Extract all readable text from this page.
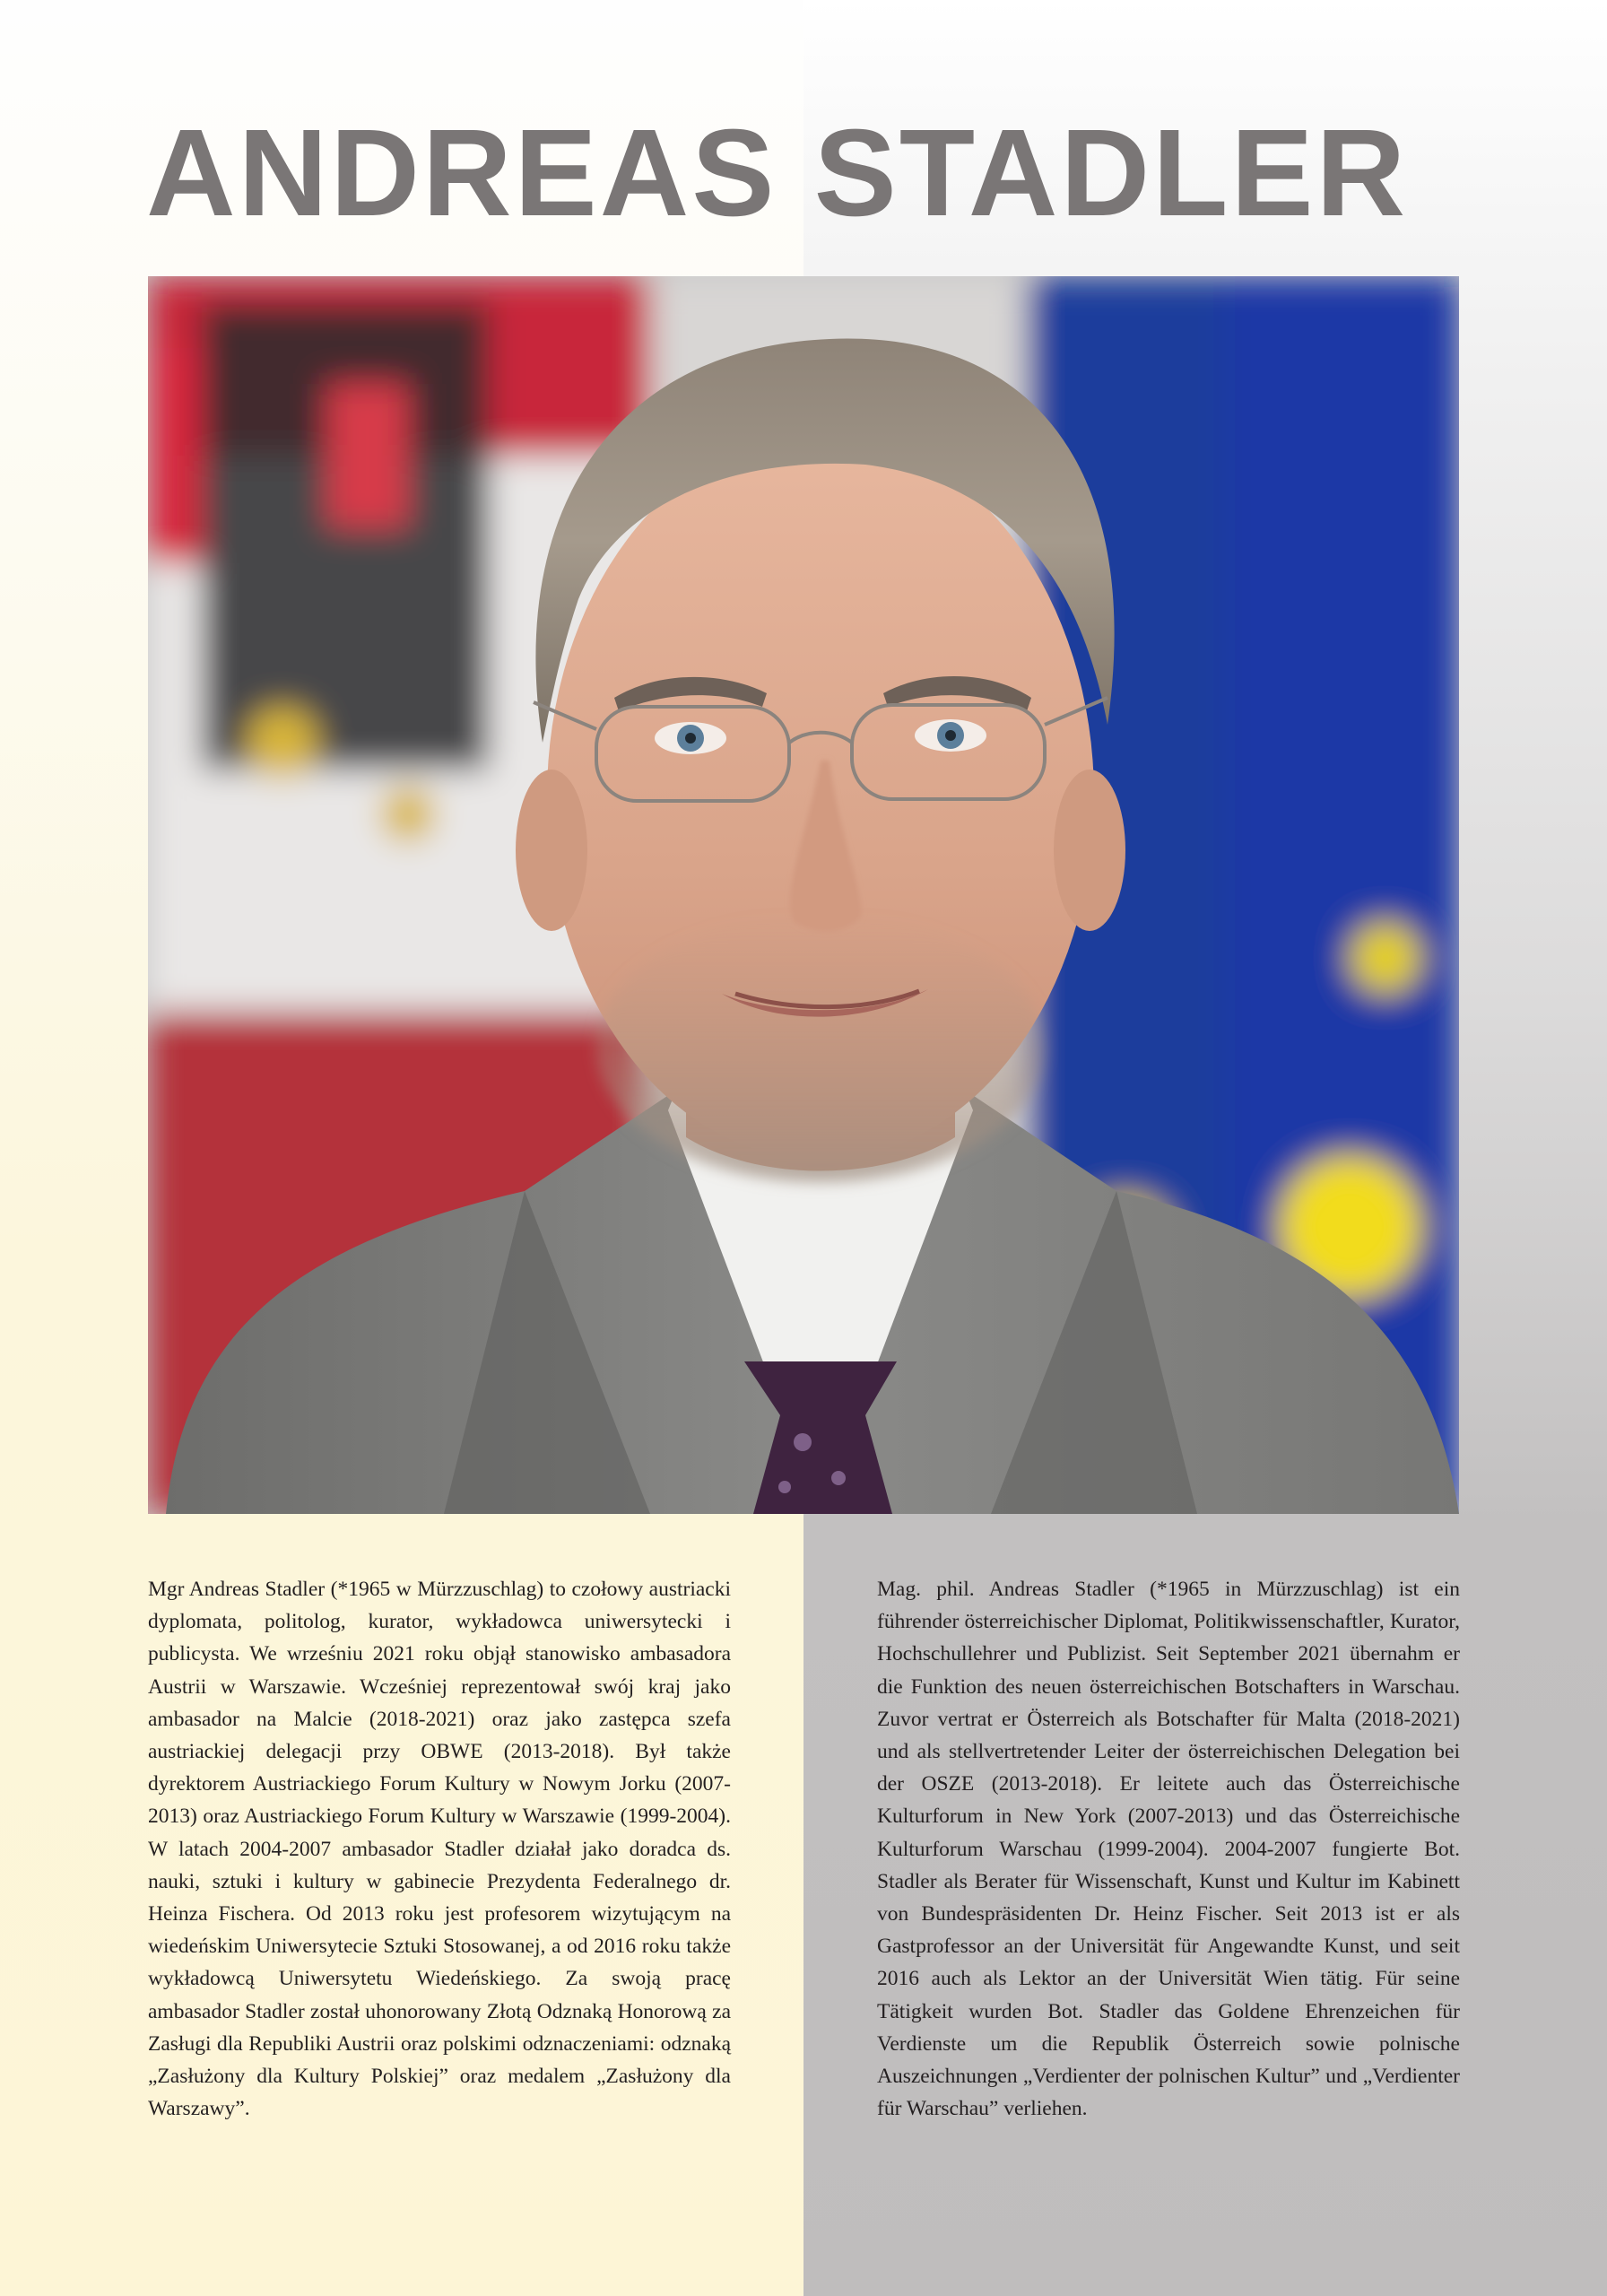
ANDREAS STADLER

Mgr Andreas Stadler (*1965 w Mürzzuschlag) to czołowy austriacki dyplomata, politolog, kurator, wykładowca uniwersytecki i publicysta. We wrześniu 2021 roku objął stanowisko ambasadora Austrii w Warszawie. Wcześniej reprezentował swój kraj jako ambasador na Malcie (2018-2021) oraz jako zastępca szefa austriackiej delegacji przy OBWE (2013-2018). Był także dyrektorem Austriackiego Forum Kultury w Nowym Jorku (2007-2013) oraz Austriackiego Forum Kultury w Warszawie (1999-2004). W latach 2004-2007 ambasador Stadler działał jako doradca ds. nauki, sztuki i kultury w gabinecie Prezydenta Federalnego dr. Heinza Fischera. Od 2013 roku jest profesorem wizytującym na wiedeńskim Uniwersytecie Sztuki Stosowanej, a od 2016 roku także wykładowcą Uniwersytetu Wiedeńskiego. Za swoją pracę ambasador Stadler został uhonorowany Złotą Odznaką Honorową za Zasługi dla Republiki Austrii oraz polskimi odznaczeniami: odznaką „Zasłużony dla Kultury Polskiej” oraz medalem „Zasłużony dla Warszawy”.

Mag. phil. Andreas Stadler (*1965 in Mürzzuschlag) ist ein führender österreichischer Diplomat, Politikwissenschaftler, Kurator, Hochschullehrer und Publizist. Seit September 2021 übernahm er die Funktion des neuen österreichischen Botschafters in Warschau. Zuvor vertrat er Österreich als Botschafter für Malta (2018-2021) und als stellvertretender Leiter der österreichischen Delegation bei der OSZE (2013-2018). Er leitete auch das Österreichische Kulturforum in New York (2007-2013) und das Österreichische Kulturforum Warschau (1999-2004). 2004-2007 fungierte Bot. Stadler als Berater für Wissenschaft, Kunst und Kultur im Kabinett von Bundespräsidenten Dr. Heinz Fischer. Seit 2013 ist er als Gastprofessor an der Universität für Angewandte Kunst, und seit 2016 auch als Lektor an der Universität Wien tätig. Für seine Tätigkeit wurden Bot. Stadler das Goldene Ehrenzeichen für Verdienste um die Republik Österreich sowie polnische Auszeichnungen „Verdienter der polnischen Kultur” und „Verdienter für Warschau” verliehen.
